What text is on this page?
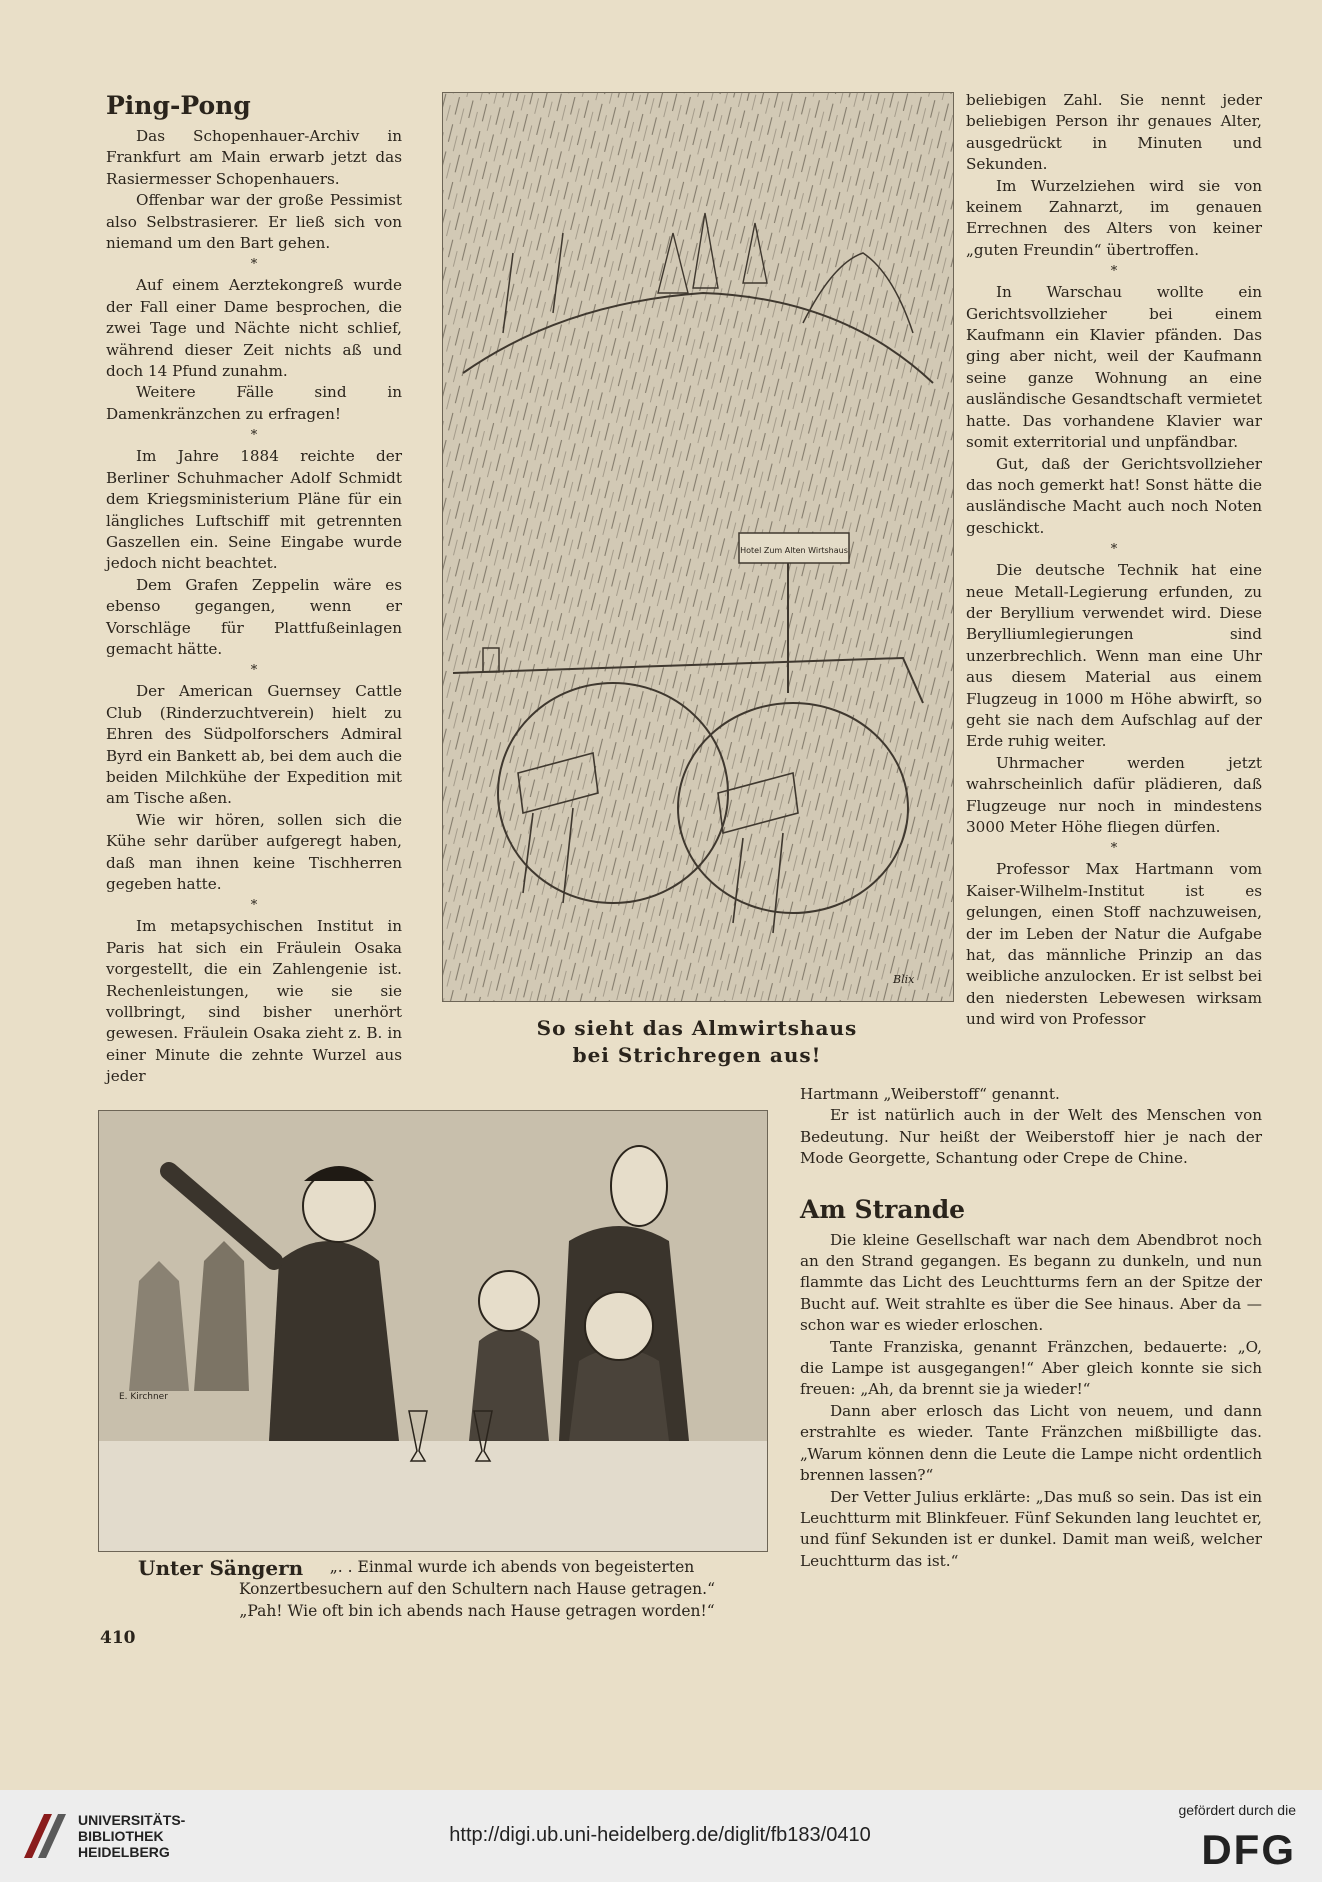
Ping-Pong

Das Schopenhauer-Archiv in Frankfurt am Main erwarb jetzt das Rasiermesser Schopenhauers.

Offenbar war der große Pessimist also Selbstrasierer. Er ließ sich von niemand um den Bart gehen.

*

Auf einem Aerztekongreß wurde der Fall einer Dame besprochen, die zwei Tage und Nächte nicht schlief, während dieser Zeit nichts aß und doch 14 Pfund zunahm.

Weitere Fälle sind in Damenkränzchen zu erfragen!

*

Im Jahre 1884 reichte der Berliner Schuhmacher Adolf Schmidt dem Kriegsministerium Pläne für ein längliches Luftschiff mit getrennten Gaszellen ein. Seine Eingabe wurde jedoch nicht beachtet.

Dem Grafen Zeppelin wäre es ebenso gegangen, wenn er Vorschläge für Plattfußeinlagen gemacht hätte.

*

Der American Guernsey Cattle Club (Rinderzuchtverein) hielt zu Ehren des Südpolforschers Admiral Byrd ein Bankett ab, bei dem auch die beiden Milchkühe der Expedition mit am Tische aßen.

Wie wir hören, sollen sich die Kühe sehr darüber aufgeregt haben, daß man ihnen keine Tischherren gegeben hatte.

*

Im metapsychischen Institut in Paris hat sich ein Fräulein Osaka vorgestellt, die ein Zahlengenie ist. Rechenleistungen, wie sie sie vollbringt, sind bisher unerhört gewesen. Fräulein Osaka zieht z. B. in einer Minute die zehnte Wurzel aus jeder

Hotel Zum Alten Wirtshaus
Blix
So sieht das Almwirtshaus
bei Strichregen aus!

beliebigen Zahl. Sie nennt jeder beliebigen Person ihr genaues Alter, ausgedrückt in Minuten und Sekunden.

Im Wurzelziehen wird sie von keinem Zahnarzt, im genauen Errechnen des Alters von keiner „guten Freundin“ übertroffen.

*

In Warschau wollte ein Gerichtsvollzieher bei einem Kaufmann ein Klavier pfänden. Das ging aber nicht, weil der Kaufmann seine ganze Wohnung an eine ausländische Gesandtschaft vermietet hatte. Das vorhandene Klavier war somit exterritorial und unpfändbar.

Gut, daß der Gerichtsvollzieher das noch gemerkt hat! Sonst hätte die ausländische Macht auch noch Noten geschickt.

*

Die deutsche Technik hat eine neue Metall-Legierung erfunden, zu der Beryllium verwendet wird. Diese Berylliumlegierungen sind unzerbrechlich. Wenn man eine Uhr aus diesem Material aus einem Flugzeug in 1000 m Höhe abwirft, so geht sie nach dem Aufschlag auf der Erde ruhig weiter.

Uhrmacher werden jetzt wahrscheinlich dafür plädieren, daß Flugzeuge nur noch in mindestens 3000 Meter Höhe fliegen dürfen.

*

Professor Max Hartmann vom Kaiser-Wilhelm-Institut ist es gelungen, einen Stoff nachzuweisen, der im Leben der Natur die Aufgabe hat, das männliche Prinzip an das weibliche anzulocken. Er ist selbst bei den niedersten Lebewesen wirksam und wird von Professor

Hartmann „Weiberstoff“ genannt.

Er ist natürlich auch in der Welt des Menschen von Bedeutung. Nur heißt der Weiberstoff hier je nach der Mode Georgette, Schantung oder Crepe de Chine.

Am Strande

Die kleine Gesellschaft war nach dem Abendbrot noch an den Strand gegangen. Es begann zu dunkeln, und nun flammte das Licht des Leuchtturms fern an der Spitze der Bucht auf. Weit strahlte es über die See hinaus. Aber da — schon war es wieder erloschen.

Tante Franziska, genannt Fränzchen, bedauerte: „O, die Lampe ist ausgegangen!“ Aber gleich konnte sie sich freuen: „Ah, da brennt sie ja wieder!“

Dann aber erlosch das Licht von neuem, und dann erstrahlte es wieder. Tante Fränzchen mißbilligte das. „Warum können denn die Leute die Lampe nicht ordentlich brennen lassen?“

Der Vetter Julius erklärte: „Das muß so sein. Das ist ein Leuchtturm mit Blinkfeuer. Fünf Sekunden lang leuchtet er, und fünf Sekunden ist er dunkel. Damit man weiß, welcher Leuchtturm das ist.“

E. Kirchner
Unter Sängern	„. . Einmal wurde ich abends von begeisterten
Konzertbesuchern auf den Schultern nach Hause getragen.“
„Pah! Wie oft bin ich abends nach Hause getragen worden!“
410
UNIVERSITÄTS-
BIBLIOTHEK
HEIDELBERG
http://digi.ub.uni-heidelberg.de/diglit/fb183/0410
gefördert durch die
DFG
